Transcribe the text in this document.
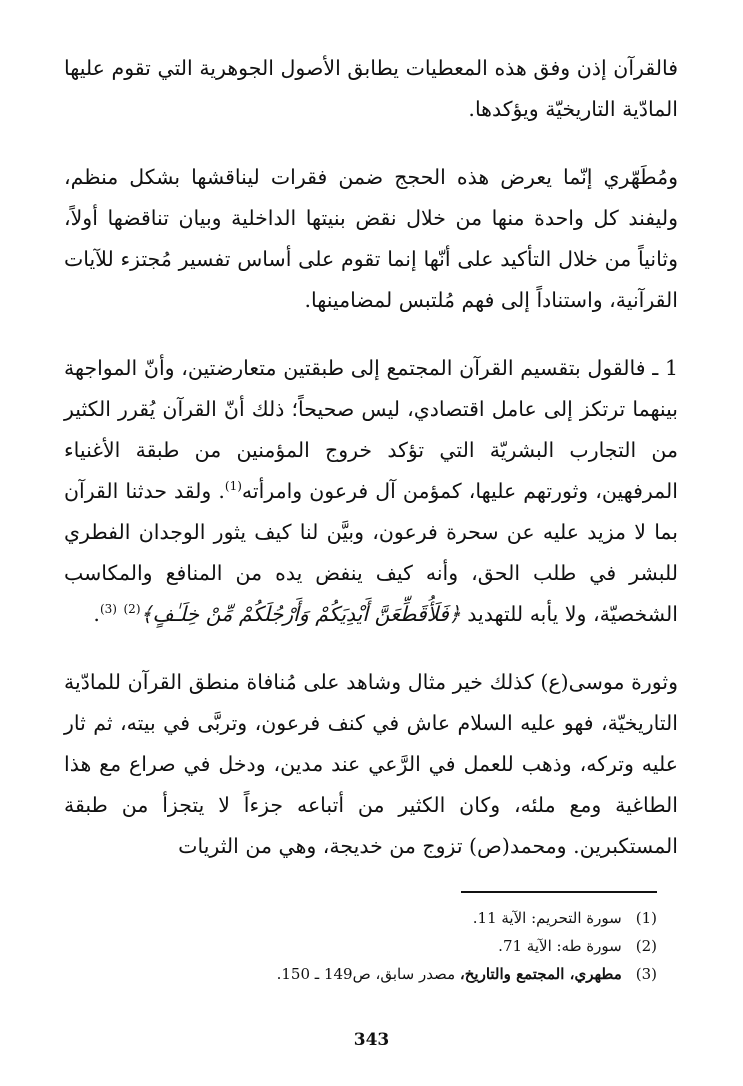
فالقرآن إذن وفق هذه المعطيات يطابق الأصول الجوهرية التي تقوم عليها المادّية التاريخيّة ويؤكدها.

ومُطَهّري إنّما يعرض هذه الحجج ضمن فقرات ليناقشها بشكل منظم، وليفند كل واحدة منها من خلال نقض بنيتها الداخلية وبيان تناقضها أولاً، وثانياً من خلال التأكيد على أنّها إنما تقوم على أساس تفسير مُجتزء للآيات القرآنية، واستناداً إلى فهم مُلتبس لمضامينها.

1 ـ فالقول بتقسيم القرآن المجتمع إلى طبقتين متعارضتين، وأنّ المواجهة بينهما ترتكز إلى عامل اقتصادي، ليس صحيحاً؛ ذلك أنّ القرآن يُقرر الكثير من التجارب البشريّة التي تؤكد خروج المؤمنين من طبقة الأغنياء المرفهين، وثورتهم عليها، كمؤمن آل فرعون وامرأته$^{(1)}$. ولقد حدثنا القرآن بما لا مزيد عليه عن سحرة فرعون، وبيَّن لنا كيف يثور الوجدان الفطري للبشر في طلب الحق، وأنه كيف ينفض يده من المنافع والمكاسب الشخصيّة، ولا يأبه للتهديد ﴿فَلَأُقَطِّعَنَّ أَيْدِيَكُمْ وَأَرْجُلَكُمْ مِّنْ خِلَـٰفٍ﴾$^{(2)}$ $^{(3)}$.

وثورة موسى(ع) كذلك خير مثال وشاهد على مُنافاة منطق القرآن للمادّية التاريخيّة، فهو عليه السلام عاش في كنف فرعون، وتربَّى في بيته، ثم ثار عليه وتركه، وذهب للعمل في الرَّعي عند مدين، ودخل في صراع مع هذا الطاغية ومع ملئه، وكان الكثير من أتباعه جزءاً لا يتجزأ من طبقة المستكبرين. ومحمد(ص) تزوج من خديجة، وهي من الثريات

(1)سورة التحريم: الآية 11.

(2)سورة طه: الآية 71.

(3)مطهري، المجتمع والتاريخ، مصدر سابق، ص149 ـ 150.

343
